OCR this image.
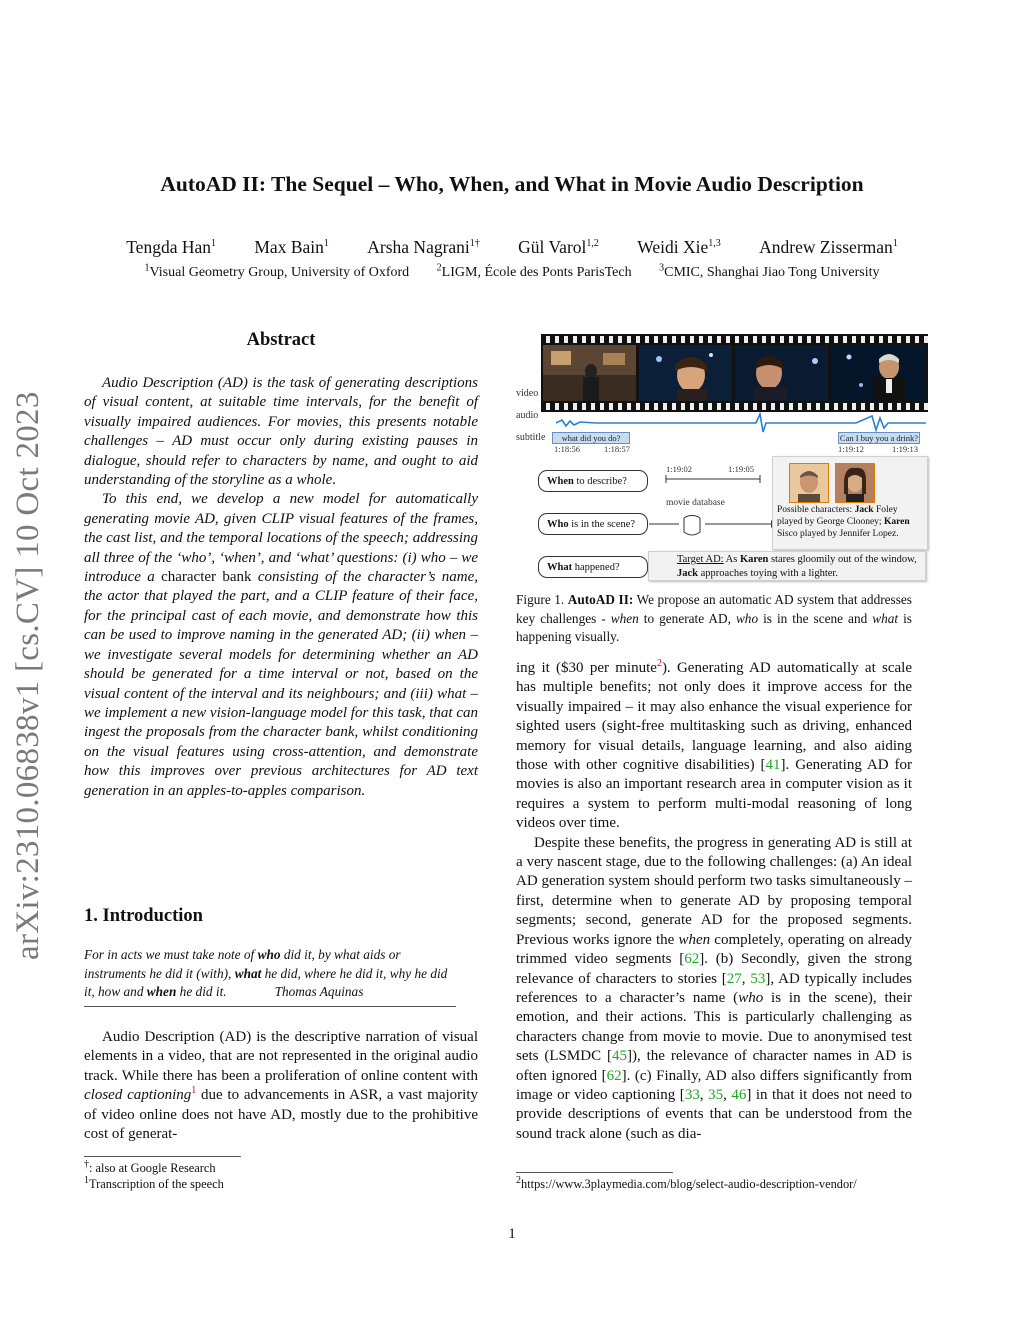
AutoAD II: The Sequel – Who, When, and What in Movie Audio Description
Tengda Han$^1$ Max Bain$^1$ Arsha Nagrani$^{1\dagger}$ Gül Varol$^{1,2}$ Weidi Xie$^{1,3}$ Andrew Zisserman$^1$
$^1$Visual Geometry Group, University of Oxford	$^2$LIGM, École des Ponts ParisTech	$^3$CMIC, Shanghai Jiao Tong University
arXiv:2310.06838v1 [cs.CV] 10 Oct 2023
Abstract

Audio Description (AD) is the task of generating descriptions of visual content, at suitable time intervals, for the benefit of visually impaired audiences. For movies, this presents notable challenges – AD must occur only during existing pauses in dialogue, should refer to characters by name, and ought to aid understanding of the storyline as a whole.

To this end, we develop a new model for automatically generating movie AD, given CLIP visual features of the frames, the cast list, and the temporal locations of the speech; addressing all three of the ‘who’, ‘when’, and ‘what’ questions: (i) who – we introduce a character bank consisting of the character’s name, the actor that played the part, and a CLIP feature of their face, for the principal cast of each movie, and demonstrate how this can be used to improve naming in the generated AD; (ii) when – we investigate several models for determining whether an AD should be generated for a time interval or not, based on the visual content of the interval and its neighbours; and (iii) what – we implement a new vision-language model for this task, that can ingest the proposals from the character bank, whilst conditioning on the visual features using cross-attention, and demonstrate how this improves over previous architectures for AD text generation in an apples-to-apples comparison.

1. Introduction
For in acts we must take note of who did it, by what aids or instruments he did it (with), what he did, where he did it, why he did it, how and when he did it.	Thomas Aquinas

Audio Description (AD) is the descriptive narration of visual elements in a video, that are not represented in the original audio track. While there has been a proliferation of online content with closed captioning$^1$ due to advancements in ASR, a vast majority of video online does not have AD, mostly due to the prohibitive cost of generat-

†: also at Google Research
$^1$Transcription of the speech
video
audio
subtitle	what did you do?	Can I buy you a drink?
1:18:56	1:18:57	1:19:12	1:19:13
1:19:02	1:19:05
When to describe?
Who is in the scene?
What happened?
movie database
Possible characters: Jack Foley played by George Clooney; Karen Sisco played by Jennifer Lopez.
Target AD: As Karen stares gloomily out of the window, Jack approaches toying with a lighter.
Figure 1. AutoAD II: We propose an automatic AD system that addresses key challenges - when to generate AD, who is in the scene and what is happening visually.

ing it ($30 per minute$^2$). Generating AD automatically at scale has multiple benefits; not only does it improve access for the visually impaired – it may also enhance the visual experience for sighted users (sight-free multitasking such as driving, enhanced memory for visual details, language learning, and also aiding those with other cognitive disabilities) [41]. Generating AD for movies is also an important research area in computer vision as it requires a system to perform multi-modal reasoning of long videos over time.

Despite these benefits, the progress in generating AD is still at a very nascent stage, due to the following challenges: (a) An ideal AD generation system should perform two tasks simultaneously – first, determine when to generate AD by proposing temporal segments; second, generate AD for the proposed segments. Previous works ignore the when completely, operating on already trimmed video segments [62]. (b) Secondly, given the strong relevance of characters to stories [27, 53], AD typically includes references to a character’s name (who is in the scene), their emotion, and their actions. This is particularly challenging as characters change from movie to movie. Due to anonymised test sets (LSMDC [45]), the relevance of character names in AD is often ignored [62]. (c) Finally, AD also differs significantly from image or video captioning [33, 35, 46] in that it does not need to provide descriptions of events that can be understood from the sound track alone (such as dia-

$^2$https://www.3playmedia.com/blog/select-audio-description-vendor/
1
